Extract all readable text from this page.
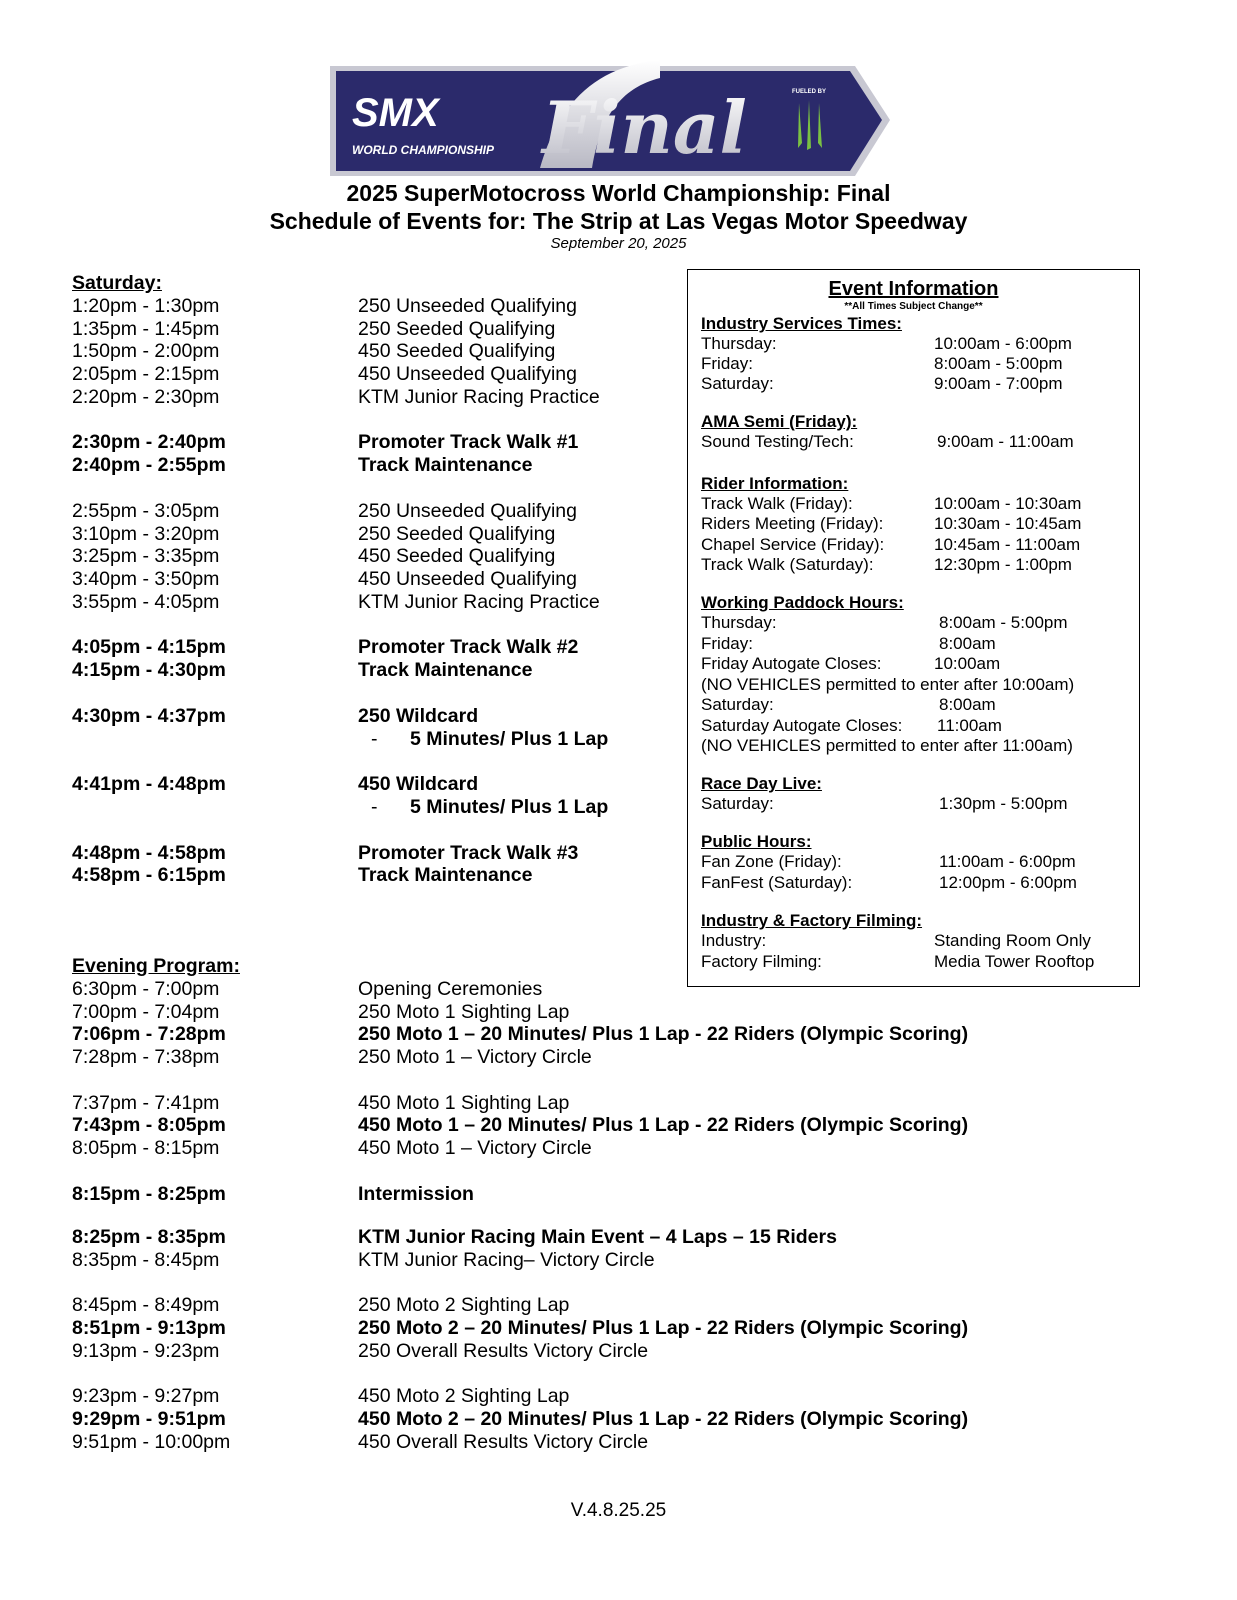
SMX
WORLD CHAMPIONSHIP Final	FUELED BY
2025 SuperMotocross World Championship: Final
Schedule of Events for: The Strip at Las Vegas Motor Speedway
September 20, 2025
Saturday:
1:20pm - 1:30pm	250 Unseeded Qualifying
1:35pm - 1:45pm	250 Seeded Qualifying
1:50pm - 2:00pm	450 Seeded Qualifying
2:05pm - 2:15pm	450 Unseeded Qualifying
2:20pm - 2:30pm	KTM Junior Racing Practice
2:30pm - 2:40pm	Promoter Track Walk #1
2:40pm - 2:55pm	Track Maintenance
2:55pm - 3:05pm	250 Unseeded Qualifying
3:10pm - 3:20pm	250 Seeded Qualifying
3:25pm - 3:35pm	450 Seeded Qualifying
3:40pm - 3:50pm	450 Unseeded Qualifying
3:55pm - 4:05pm	KTM Junior Racing Practice
4:05pm - 4:15pm	Promoter Track Walk #2
4:15pm - 4:30pm	Track Maintenance
4:30pm - 4:37pm	250 Wildcard
- 5 Minutes/ Plus 1 Lap
4:41pm - 4:48pm	450 Wildcard
- 5 Minutes/ Plus 1 Lap
4:48pm - 4:58pm	Promoter Track Walk #3
4:58pm - 6:15pm	Track Maintenance
Evening Program:
6:30pm - 7:00pm	Opening Ceremonies
7:00pm - 7:04pm	250 Moto 1 Sighting Lap
7:06pm - 7:28pm	250 Moto 1 – 20 Minutes/ Plus 1 Lap - 22 Riders (Olympic Scoring)
7:28pm - 7:38pm	250 Moto 1 – Victory Circle
7:37pm - 7:41pm	450 Moto 1 Sighting Lap
7:43pm - 8:05pm	450 Moto 1 – 20 Minutes/ Plus 1 Lap - 22 Riders (Olympic Scoring)
8:05pm - 8:15pm	450 Moto 1 – Victory Circle
8:15pm - 8:25pm	Intermission
8:25pm - 8:35pm	KTM Junior Racing Main Event – 4 Laps – 15 Riders
8:35pm - 8:45pm	KTM Junior Racing– Victory Circle
8:45pm - 8:49pm	250 Moto 2 Sighting Lap
8:51pm - 9:13pm	250 Moto 2 – 20 Minutes/ Plus 1 Lap - 22 Riders (Olympic Scoring)
9:13pm - 9:23pm	250 Overall Results Victory Circle
9:23pm - 9:27pm	450 Moto 2 Sighting Lap
9:29pm - 9:51pm	450 Moto 2 – 20 Minutes/ Plus 1 Lap - 22 Riders (Olympic Scoring)
9:51pm - 10:00pm	450 Overall Results Victory Circle
Event Information
**All Times Subject Change**
Industry Services Times:
Thursday:	10:00am - 6:00pm
Friday:	8:00am - 5:00pm
Saturday:	9:00am - 7:00pm
AMA Semi (Friday):
Sound Testing/Tech:	9:00am - 11:00am
Rider Information:
Track Walk (Friday):	10:00am - 10:30am
Riders Meeting (Friday):	10:30am - 10:45am
Chapel Service (Friday):	10:45am - 11:00am
Track Walk (Saturday):	12:30pm - 1:00pm
Working Paddock Hours:
Thursday:	8:00am - 5:00pm
Friday:	8:00am
Friday Autogate Closes:	10:00am
(NO VEHICLES permitted to enter after 10:00am)
Saturday:	8:00am
Saturday Autogate Closes: 11:00am
(NO VEHICLES permitted to enter after 11:00am)
Race Day Live:
Saturday:	1:30pm - 5:00pm
Public Hours:
Fan Zone (Friday):	11:00am - 6:00pm
FanFest (Saturday):	12:00pm - 6:00pm
Industry & Factory Filming:
Industry:	Standing Room Only
Factory Filming:	Media Tower Rooftop
V.4.8.25.25
